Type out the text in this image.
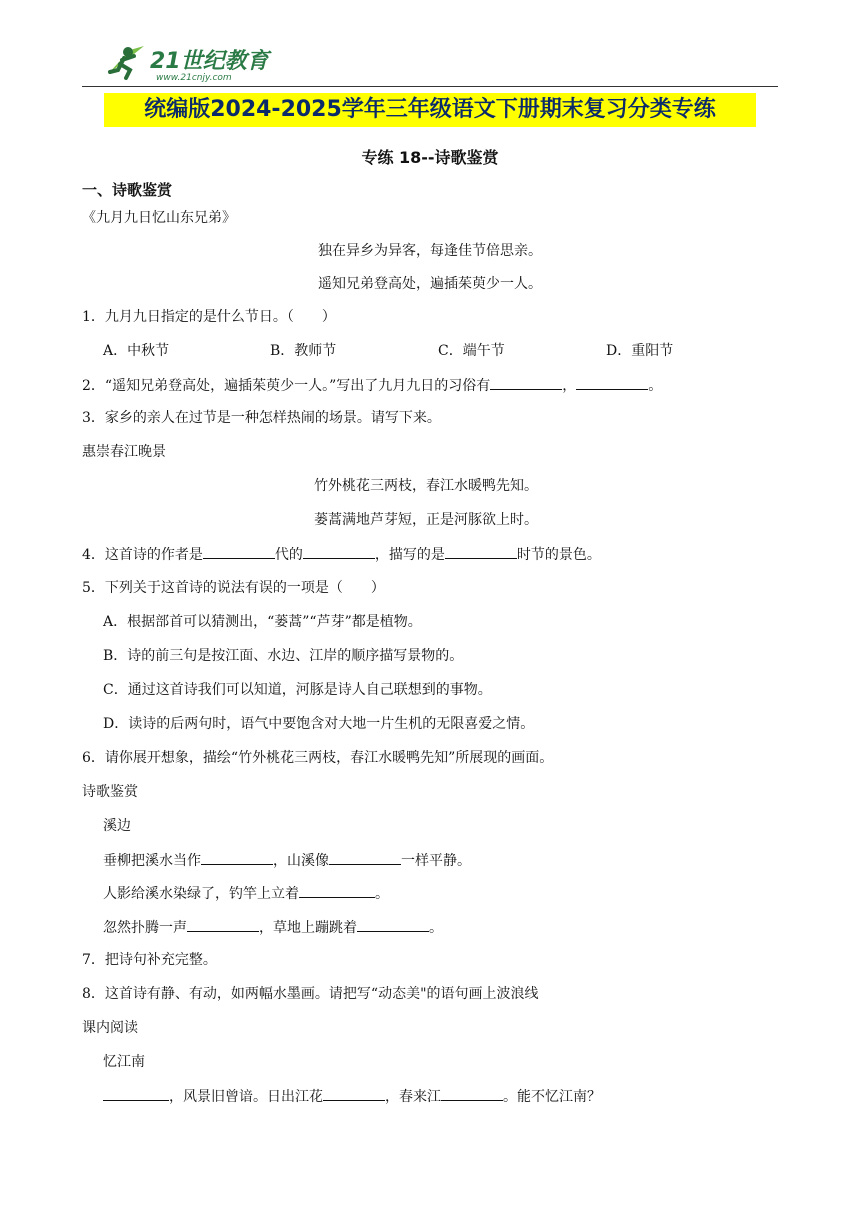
21世纪教育
www.21cnjy.com
统编版2024-2025学年三年级语文下册期末复习分类专练
专练 18--诗歌鉴赏
一、诗歌鉴赏
《九月九日忆山东兄弟》
独在异乡为异客，每逢佳节倍思亲。
遥知兄弟登高处，遍插茱萸少一人。
1．九月九日指定的是什么节日。（　　）
A．中秋节	B．教师节	C．端午节	D．重阳节
2．“遥知兄弟登高处，遍插茱萸少一人。”写出了九月九日的习俗有	，	。
3．家乡的亲人在过节是一种怎样热闹的场景。请写下来。
惠崇春江晚景
竹外桃花三两枝，春江水暖鸭先知。
蒌蒿满地芦芽短，正是河豚欲上时。
4．这首诗的作者是	代的	，描写的是	时节的景色。
5．下列关于这首诗的说法有误的一项是（　　）
A．根据部首可以猜测出，“蒌蒿”“芦芽”都是植物。
B．诗的前三句是按江面、水边、江岸的顺序描写景物的。
C．通过这首诗我们可以知道，河豚是诗人自己联想到的事物。
D．读诗的后两句时，语气中要饱含对大地一片生机的无限喜爱之情。
6．请你展开想象，描绘“竹外桃花三两枝，春江水暖鸭先知”所展现的画面。
诗歌鉴赏
溪边
垂柳把溪水当作	，山溪像	一样平静。
人影给溪水染绿了，钓竿上立着	。
忽然扑腾一声	，草地上蹦跳着	。
7．把诗句补充完整。
8．这首诗有静、有动，如两幅水墨画。请把写“动态美"的语句画上波浪线
课内阅读
忆江南
，风景旧曾谙。日出江花	，春来江	。能不忆江南？
